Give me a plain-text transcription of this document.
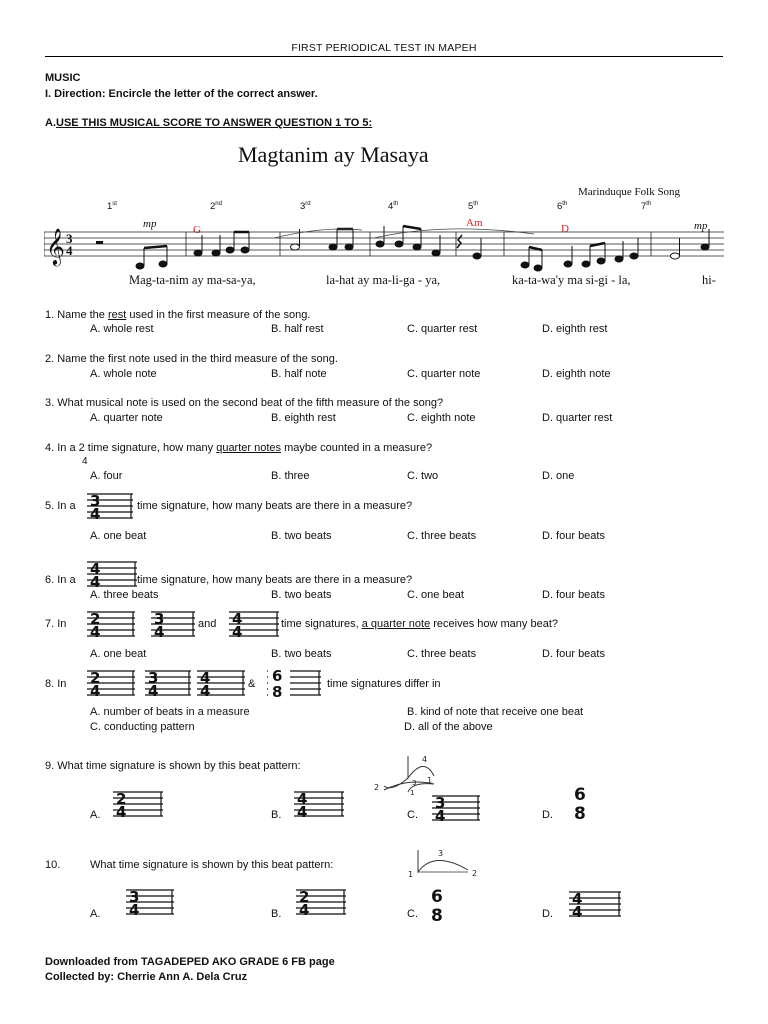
FIRST PERIODICAL TEST IN MAPEH
MUSIC
I. Direction: Encircle the letter of the correct answer.
A.USE THIS MUSICAL SCORE TO ANSWER QUESTION 1 TO 5:
Magtanim ay Masaya
Marinduque Folk Song
1st	2nd	3rd	4th	5th	6th	7th
mp	mp
G
Am	D
𝄞 3
4
Mag-ta-nim ay ma-sa-ya,	la-hat ay ma-li-ga - ya,	ka-ta-wa'y ma si-gi - la,	hi-
1. Name the rest used in the first measure of the song.
A. whole rest	B. half rest	C. quarter rest	D. eighth rest
2. Name the first note used in the third measure of the song.
A. whole note	B. half note	C. quarter note	D. eighth note
3. What musical note is used on the second beat of the fifth measure of the song?
A. quarter note	B. eighth rest	C. eighth note	D. quarter rest
4. In a 2 time signature, how many quarter notes maybe counted in a measure?
4
A. four	B. three	C. two	D. one
5. In a 3
4	time signature, how many beats are there in a measure?
A. one beat	B. two beats	C. three beats	D. four beats
6. In a
4
4	time signature, how many beats are there in a measure?
A. three beats	B. two beats	C. one beat	D. four beats
7. In 2
4
3
4	and 4
4	time signatures, a quarter note receives how many beat?
A. one beat	B. two beats	C. three beats	D. four beats
8. In 2
4
3
4
4
4	& 6
8	time signatures differ in
A. number of beats in a measure	B. kind of note that receive one beat
C. conducting pattern	D. all of the above
9. What time signature is shown by this beat pattern:
4
2
1
3 1
A.
2
4	B.
4
4	C.
3
4	D.
6
8
10.	What time signature is shown by this beat pattern:
3
1	2
A.
3
4	B.
2
4	C.
6
8	D.
4
4
Downloaded from TAGADEPED AKO GRADE 6 FB page
Collected by: Cherrie Ann A. Dela Cruz
